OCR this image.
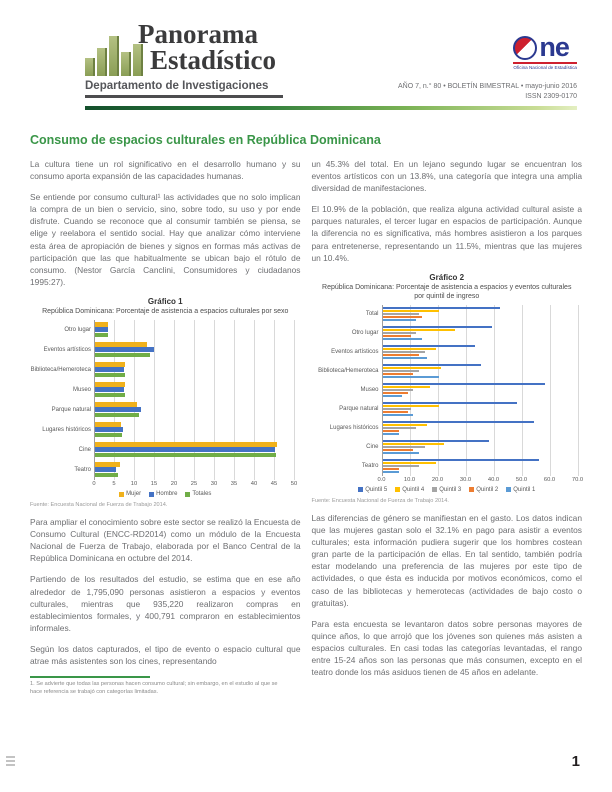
Panorama
Estadístico
Departamento de Investigaciones
ne
Oficina Nacional de Estadística
AÑO 7, n.° 80 • BOLETÍN BIMESTRAL • mayo-junio 2016
ISSN 2309-0170
Consumo de espacios culturales en República Dominicana

La cultura tiene un rol significativo en el desarrollo humano y su consumo aporta expansión de las capacidades humanas.

Se entiende por consumo cultural¹ las actividades que no solo implican la compra de un bien o servicio, sino, sobre todo, su uso y por ende disfrute. Cuando se reconoce que al consumir también se piensa, se elige y reelabora el sentido social. Hay que analizar cómo interviene esta área de apropiación de bienes y signos en formas más activas de participación que las que habitualmente se ubican bajo el rótulo de consumo. (Nestor García Canclini, Consumidores y ciudadanos 1995:27).

Gráfico 1
República Dominicana: Porcentaje de asistencia a espacios culturales por sexo
Otro lugar
Eventos artísticos
Biblioteca/Hemeroteca
Museo
Parque natural
Lugares históricos
Cine
Teatro
0	5	10 15 20 25 30 35 40 45 50
Mujer	Hombre	Totales
Fuente: Encuesta Nacional de Fuerza de Trabajo 2014.

Para ampliar el conocimiento sobre este sector se realizó la Encuesta de Consumo Cultural (ENCC-RD2014) como un módulo de la Encuesta Nacional de Fuerza de Trabajo, elaborada por el Banco Central de la República Dominicana en octubre del 2014.

Partiendo de los resultados del estudio, se estima que en ese año alrededor de 1,795,090 personas asistieron a espacios y eventos culturales, mientras que 935,220 realizaron compras en establecimientos formales, y 400,791 compraron en establecimientos informales.

Según los datos capturados, el tipo de evento o espacio cultural que atrae más asistentes son los cines, representando

1. Se advierte que todas las personas hacen consumo cultural; sin embargo, en el estudio al que se hace referencia se trabajó con categorías limitadas.

un 45.3% del total. En un lejano segundo lugar se encuentran los eventos artísticos con un 13.8%, una categoría que integra una amplia diversidad de manifestaciones.

El 10.9% de la población, que realiza alguna actividad cultural asiste a parques naturales, el tercer lugar en espacios de participación. Aunque la diferencia no es significativa, más hombres asistieron a los parques para entretenerse, representando un 11.5%, mientras que las mujeres un 10.4%.

Gráfico 2
República Dominicana: Porcentaje de asistencia a espacios y eventos culturales por quintil de ingreso
Total
Otro lugar
Eventos artísticos
Biblioteca/Hemeroteca
Museo
Parque natural
Lugares históricos
Cine
Teatro
0.0	10.0	20.0	30.0	40.0	50.0	60.0	70.0
Quintil 5	Quintil 4	Quintil 3	Quintil 2	Quintil 1
Fuente: Encuesta Nacional de Fuerza de Trabajo 2014.

Las diferencias de género se manifiestan en el gasto. Los datos indican que las mujeres gastan solo el 32.1% en pago para asistir a eventos culturales; esta información pudiera sugerir que los hombres costean gran parte de la participación de ellas. En tal sentido, también podría estar modelando una preferencia de las mujeres por este tipo de actividades, o que ésta es inducida por motivos económicos, como el caso de las bibliotecas y hemerotecas (actividades de bajo costo o gratuitas).

Para esta encuesta se levantaron datos sobre personas mayores de quince años, lo que arrojó que los jóvenes son quienes más asisten a espacios culturales. En casi todas las categorías levantadas, el rango entre 15-24 años son las personas que más consumen, excepto en el teatro donde los más asiduos tienen de 45 años en adelante.

1
